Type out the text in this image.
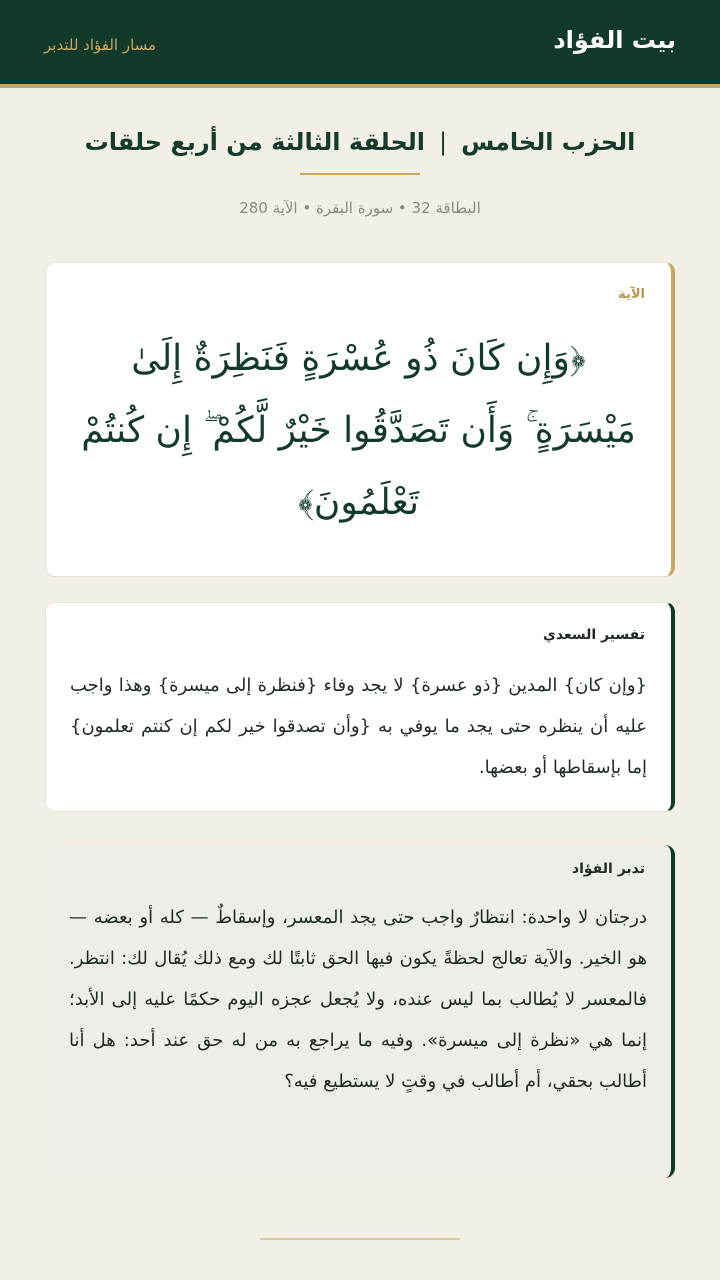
بيت الفؤاد
مسار الفؤاد للتدبر
الحزب الخامس|الحلقة الثالثة من أربع حلقات
البطاقة 32 • سورة البقرة • الآية 280
الآية
﴿وَإِن كَانَ ذُو عُسْرَةٍ فَنَظِرَةٌ إِلَىٰ مَيْسَرَةٍ ۚ وَأَن تَصَدَّقُوا خَيْرٌ لَّكُمْ ۖ إِن كُنتُمْ تَعْلَمُونَ﴾
تفسير السعدي
{وإن كان} المدين {ذو عسرة} لا يجد وفاء {فنظرة إلى ميسرة} وهذا واجب عليه أن ينظره حتى يجد ما يوفي به {وأن تصدقوا خير لكم إن كنتم تعلمون} إما بإسقاطها أو بعضها.
تدبر الفؤاد
درجتان لا واحدة: انتظارٌ واجب حتى يجد المعسر، وإسقاطٌ — كله أو بعضه — هو الخير. والآية تعالج لحظةً يكون فيها الحق ثابتًا لك ومع ذلك يُقال لك: انتظر. فالمعسر لا يُطالب بما ليس عنده، ولا يُجعل عجزه اليوم حكمًا عليه إلى الأبد؛ إنما هي «نظرة إلى ميسرة». وفيه ما يراجع به من له حق عند أحد: هل أنا أطالب بحقي، أم أطالب في وقتٍ لا يستطيع فيه؟
